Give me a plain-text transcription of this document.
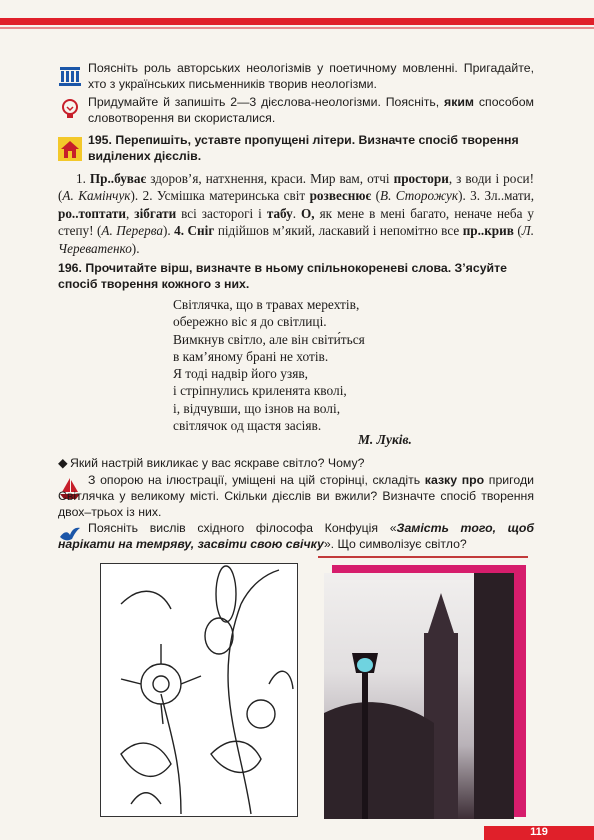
Поясніть роль авторських неологізмів у поетичному мовленні. Пригадайте, хто з українських письменників творив неологізми.

Придумайте й запишіть 2—3 дієслова-неологізми. Поясніть, яким способом словотворення ви скористалися.

195. Перепишіть, уставте пропущені літери. Визначте спосіб творення виділених дієслів.

1. Пр..буває здоров’я, натхнення, краси. Мир вам, отчі простори, з води і роси! (А. Камінчук). 2. Усмішка материнська світ розвеснює (В. Сторожук). 3. Зл..мати, ро..топтати, зібгати всі засторогі і табу. О, як мене в мені багато, неначе неба у степу! (А. Перерва). 4. Сніг підійшов м’який, ласкавий і непомітно все пр..крив (Л. Череватенко).

196. Прочитайте вірш, визначте в ньому спільнокореневі слова. З’ясуйте спосіб творення кожного з них.

Світлячка, що в травах мерехтів,
обережно віс я до світлиці.
Вимкнув світло, але він світи́ться
в кам’яному брані не хотів.
Я тоді надвір його узяв,
і стріпнулись криленята кволі,
і, відчувши, що ізнов на волі,
світлячок од щастя засіяв.
М. Луків.
◆ Який настрій викликає у вас яскраве світло? Чому?

З опорою на ілюстрації, уміщені на цій сторінці, складіть казку про пригоди Світлячка у великому місті. Скільки дієслів ви вжили? Визначте спосіб творення двох–трьох із них.

Поясніть вислів східного філософа Конфуція «Замість того, щоб нарікати на темряву, засвіти свою свічку». Що символізує світло?

119
